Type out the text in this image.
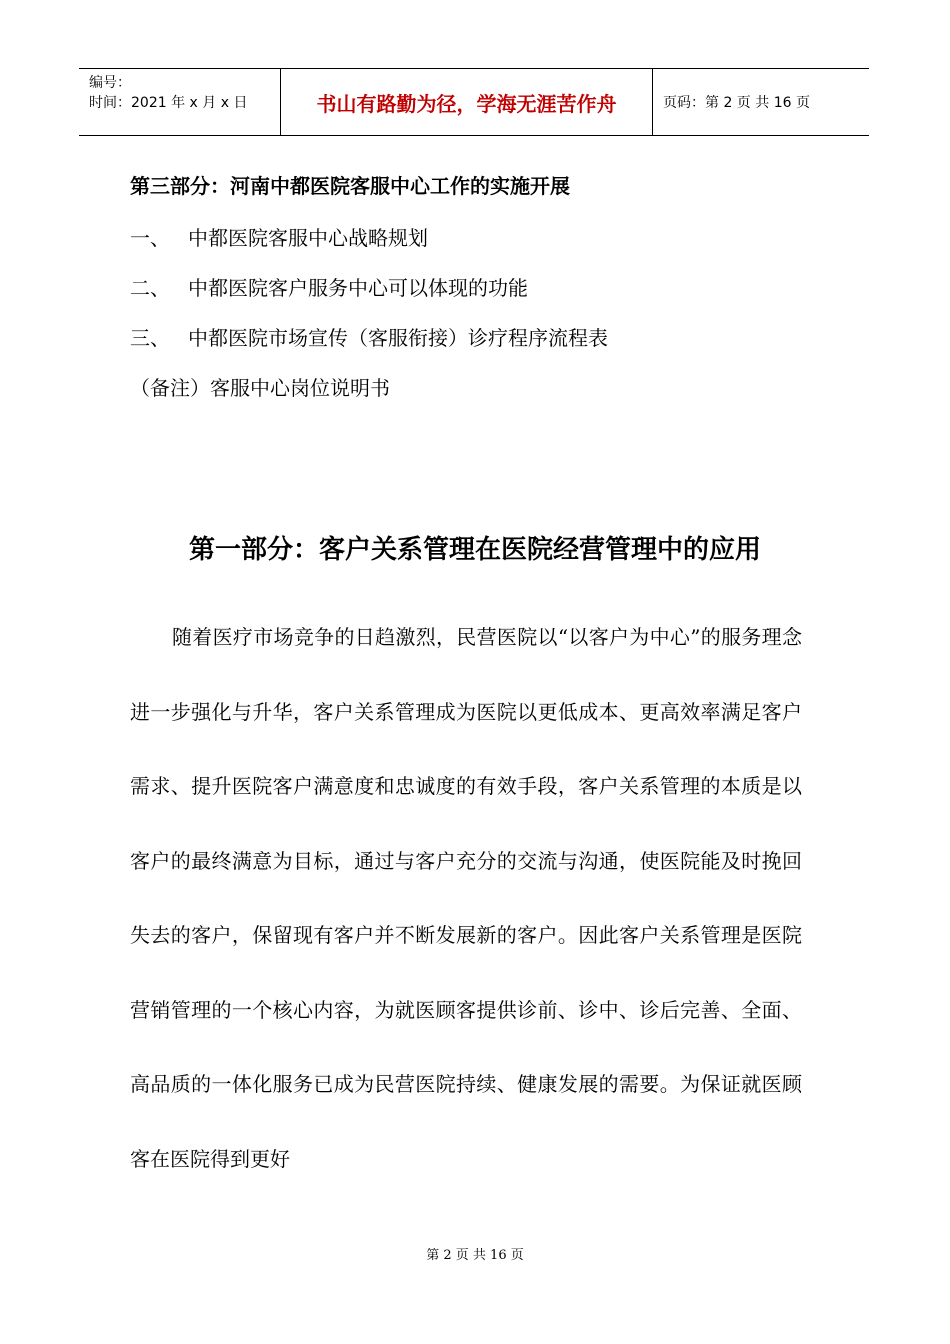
编号：
时间：2021 年 x 月 x 日	书山有路勤为径，学海无涯苦作舟	页码：第 2 页 共 16 页
第三部分：河南中都医院客服中心工作的实施开展
一、 中都医院客服中心战略规划
二、 中都医院客户服务中心可以体现的功能
三、 中都医院市场宣传（客服衔接）诊疗程序流程表
（备注）客服中心岗位说明书
第一部分：客户关系管理在医院经营管理中的应用
随着医疗市场竞争的日趋激烈，民营医院以“以客户为中心”的服务理念进一步强化与升华，客户关系管理成为医院以更低成本、更高效率满足客户需求、提升医院客户满意度和忠诚度的有效手段，客户关系管理的本质是以客户的最终满意为目标，通过与客户充分的交流与沟通，使医院能及时挽回失去的客户，保留现有客户并不断发展新的客户。因此客户关系管理是医院营销管理的一个核心内容，为就医顾客提供诊前、诊中、诊后完善、全面、高品质的一体化服务已成为民营医院持续、健康发展的需要。为保证就医顾客在医院得到更好
第 2 页 共 16 页
